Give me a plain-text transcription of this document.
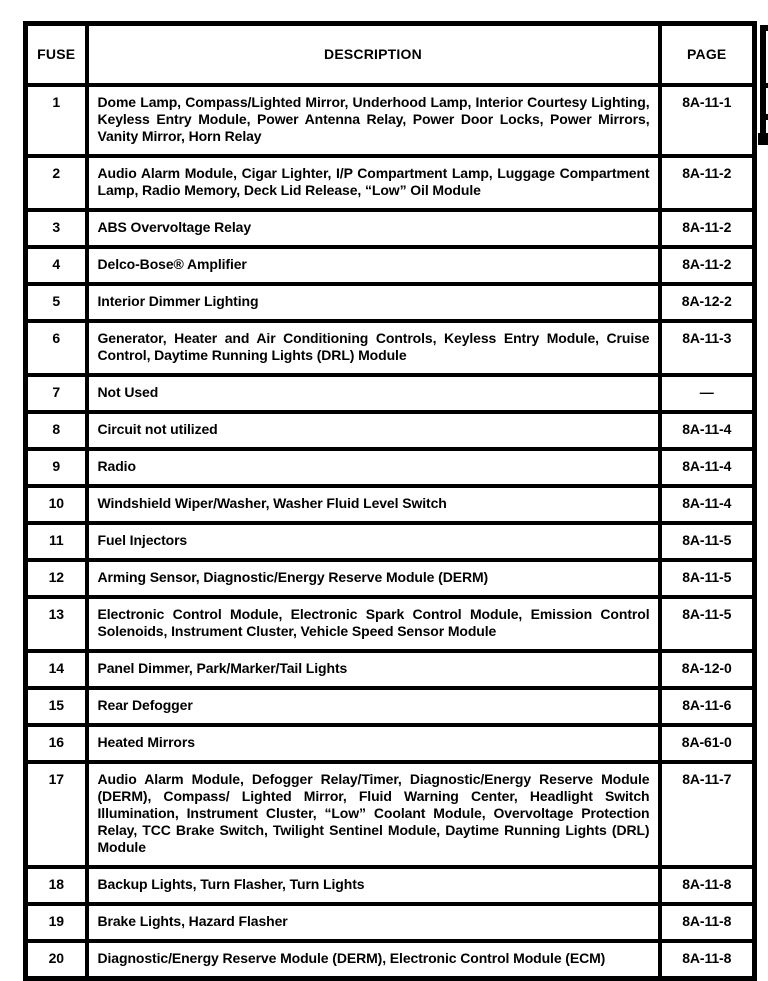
FUSE	DESCRIPTION	PAGE
1	Dome Lamp, Compass/Lighted Mirror, Underhood Lamp, Interior Courtesy Lighting, Keyless Entry Module, Power Antenna Relay, Power Door Locks, Power Mirrors, Vanity Mirror, Horn Relay	8A-11-1
2	Audio Alarm Module, Cigar Lighter, I/P Compartment Lamp, Luggage Compartment Lamp, Radio Memory, Deck Lid Release, “Low” Oil Module	8A-11-2
3	ABS Overvoltage Relay	8A-11-2
4	Delco-Bose® Amplifier	8A-11-2
5	Interior Dimmer Lighting	8A-12-2
6	Generator, Heater and Air Conditioning Controls, Keyless Entry Module, Cruise Control, Daytime Running Lights (DRL) Module	8A-11-3
7	Not Used	—
8	Circuit not utilized	8A-11-4
9	Radio	8A-11-4
10	Windshield Wiper/Washer, Washer Fluid Level Switch	8A-11-4
11	Fuel Injectors	8A-11-5
12	Arming Sensor, Diagnostic/Energy Reserve Module (DERM)	8A-11-5
13	Electronic Control Module, Electronic Spark Control Module, Emission Control Solenoids, Instrument Cluster, Vehicle Speed Sensor Module	8A-11-5
14	Panel Dimmer, Park/Marker/Tail Lights	8A-12-0
15	Rear Defogger	8A-11-6
16	Heated Mirrors	8A-61-0
17	Audio Alarm Module, Defogger Relay/Timer, Diagnostic/Energy Reserve Module (DERM), Compass/ Lighted Mirror, Fluid Warning Center, Headlight Switch Illumination, Instrument Cluster, “Low” Coolant Module, Overvoltage Protection Relay, TCC Brake Switch, Twilight Sentinel Module, Daytime Running Lights (DRL) Module	8A-11-7
18	Backup Lights, Turn Flasher, Turn Lights	8A-11-8
19	Brake Lights, Hazard Flasher	8A-11-8
20	Diagnostic/Energy Reserve Module (DERM), Electronic Control Module (ECM)	8A-11-8
